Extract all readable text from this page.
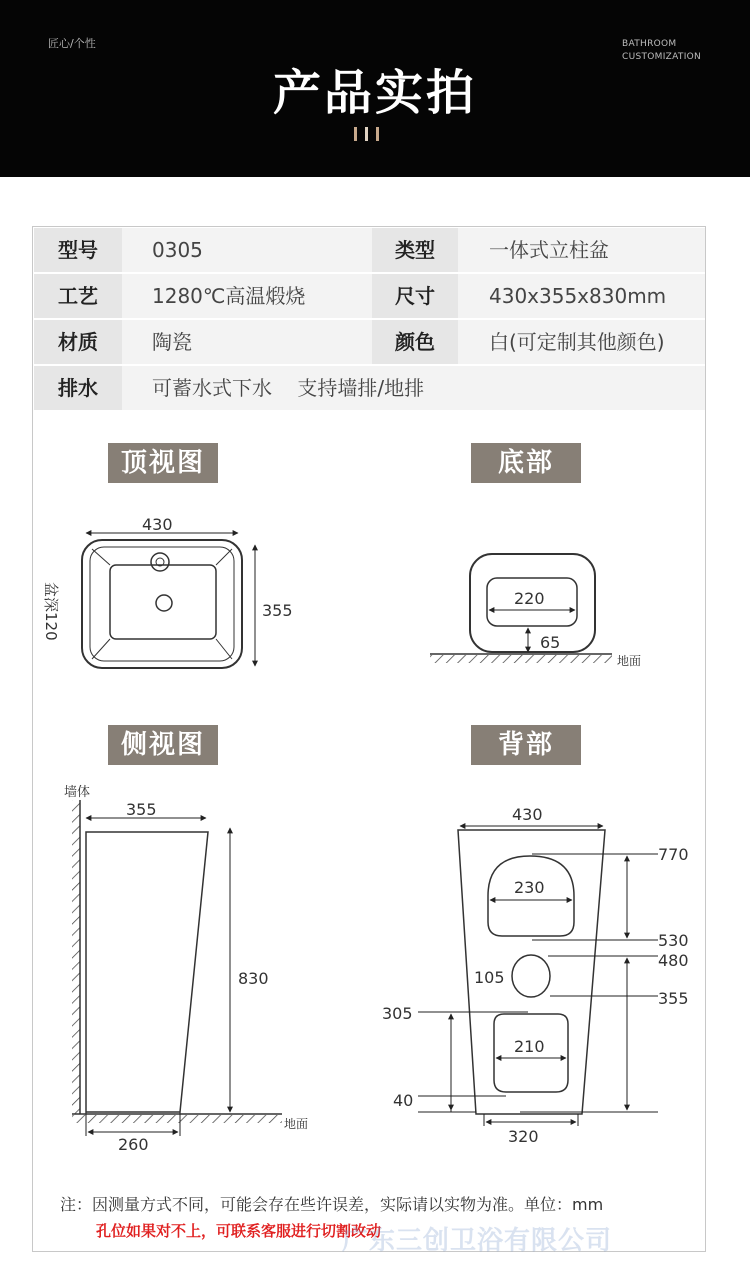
匠心/个性	BATHROOM
CUSTOMIZATION
产品实拍
型号	0305	类型	一体式立柱盆
工艺	1280℃高温煅烧	尺寸	430x355x830mm
材质	陶瓷	颜色	白(可定制其他颜色)
排水	可蓄水式下水    支持墙排/地排
顶视图	底部
侧视图	背部
430
355
盆深120	220
65
地面
墙体
355
830
260
地面
430
770
230
530
480
105
355
305
210
40
320
注：因测量方式不同，可能会存在些许误差，实际请以实物为准。单位：mm
孔位如果对不上，可联系客服进行切割改动
广东三创卫浴有限公司
